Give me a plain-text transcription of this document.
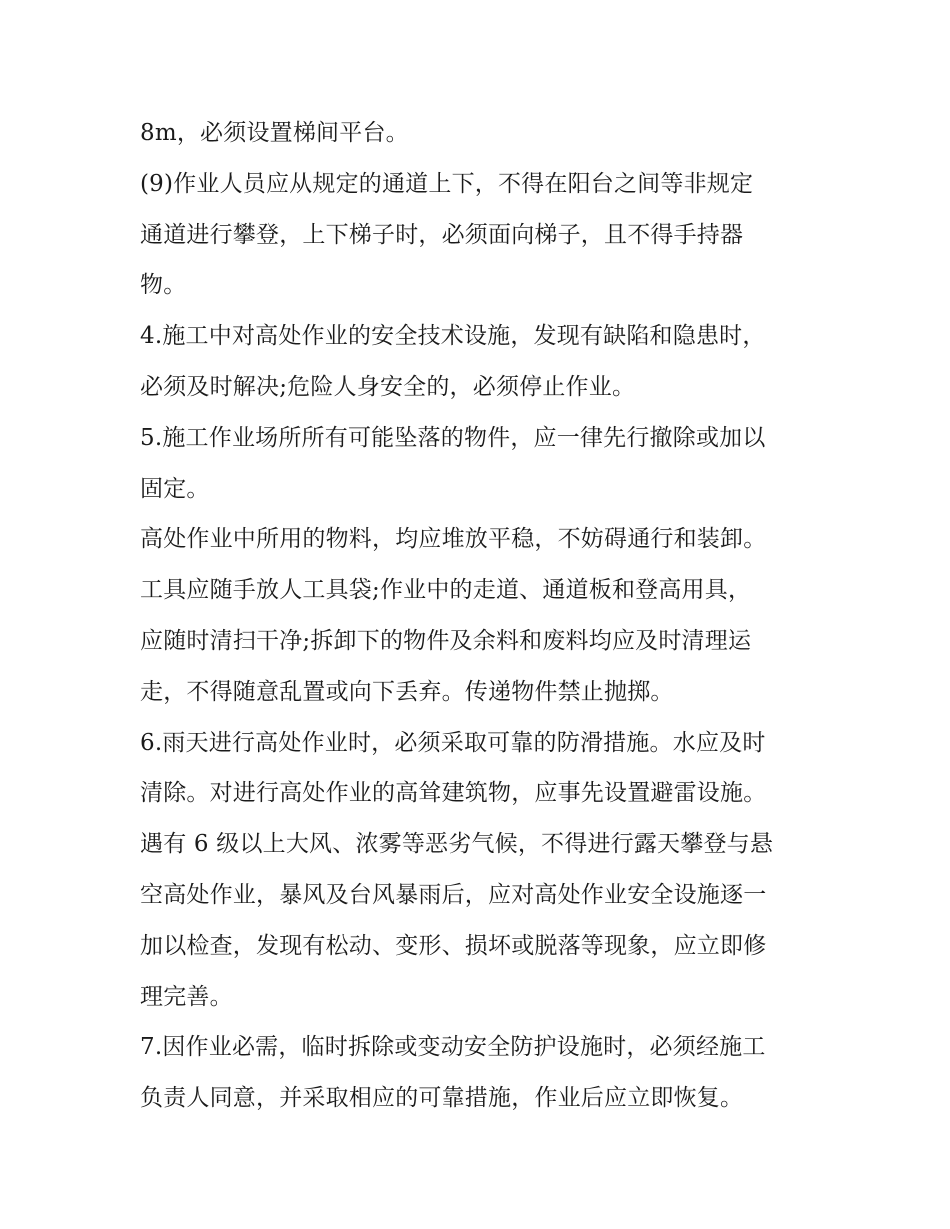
8m，必须设置梯间平台。
(9)作业人员应从规定的通道上下，不得在阳台之间等非规定
通道进行攀登，上下梯子时，必须面向梯子，且不得手持器
物。
4.施工中对高处作业的安全技术设施，发现有缺陷和隐患时，
必须及时解决;危险人身安全的，必须停止作业。
5.施工作业场所所有可能坠落的物件，应一律先行撤除或加以
固定。
高处作业中所用的物料，均应堆放平稳，不妨碍通行和装卸。
工具应随手放人工具袋;作业中的走道、通道板和登高用具，
应随时清扫干净;拆卸下的物件及余料和废料均应及时清理运
走，不得随意乱置或向下丢弃。传递物件禁止抛掷。
6.雨天进行高处作业时，必须采取可靠的防滑措施。水应及时
清除。对进行高处作业的高耸建筑物，应事先设置避雷设施。
遇有 6 级以上大风、浓雾等恶劣气候，不得进行露天攀登与悬
空高处作业，暴风及台风暴雨后，应对高处作业安全设施逐一
加以检查，发现有松动、变形、损坏或脱落等现象，应立即修
理完善。
7.因作业必需，临时拆除或变动安全防护设施时，必须经施工
负责人同意，并采取相应的可靠措施，作业后应立即恢复。
